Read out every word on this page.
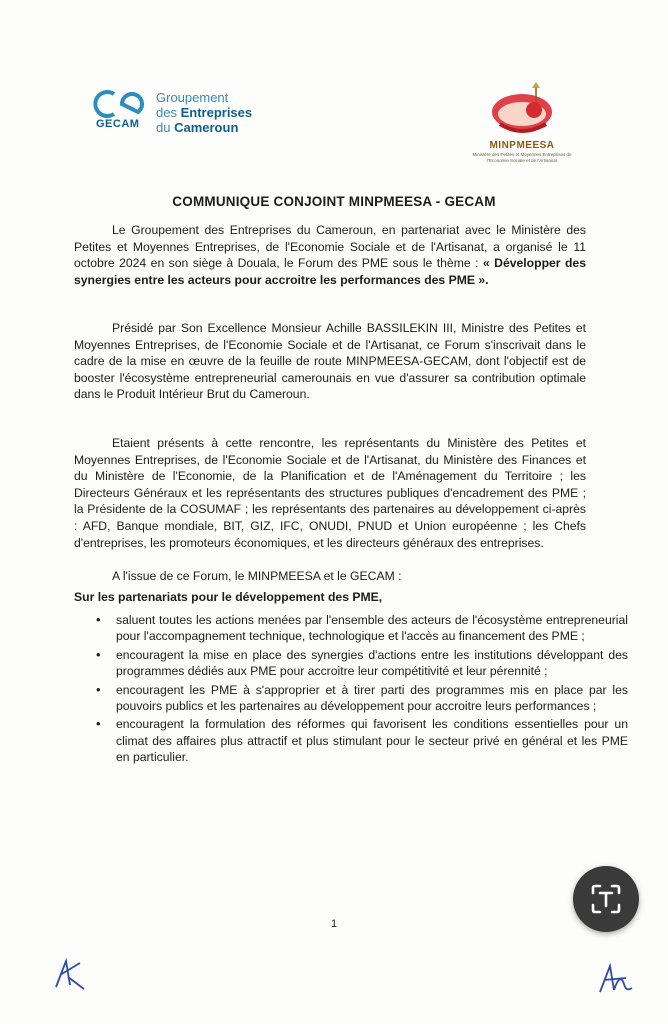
GECAM
Groupement
des Entreprises
du Cameroun
MINPMEESA
Ministère des Petites et Moyennes Entreprises de l'Economie Sociale et de l'Artisanat
COMMUNIQUE CONJOINT MINPMEESA - GECAM

Le Groupement des Entreprises du Cameroun, en partenariat avec le Ministère des Petites et Moyennes Entreprises, de l'Economie Sociale et de l'Artisanat, a organisé le 11 octobre 2024 en son siège à Douala, le Forum des PME sous le thème : « Développer des synergies entre les acteurs pour accroitre les performances des PME ».

Présidé par Son Excellence Monsieur Achille BASSILEKIN III, Ministre des Petites et Moyennes Entreprises, de l'Economie Sociale et de l'Artisanat, ce Forum s'inscrivait dans le cadre de la mise en œuvre de la feuille de route MINPMEESA-GECAM, dont l'objectif est de booster l'écosystème entrepreneurial camerounais en vue d'assurer sa contribution optimale dans le Produit Intérieur Brut du Cameroun.

Etaient présents à cette rencontre, les représentants du Ministère des Petites et Moyennes Entreprises, de l'Economie Sociale et de l'Artisanat, du Ministère des Finances et du Ministère de l'Economie, de la Planification et de l'Aménagement du Territoire ; les Directeurs Généraux et les représentants des structures publiques d'encadrement des PME ; la Présidente de la COSUMAF ; les représentants des partenaires au développement ci-après : AFD, Banque mondiale, BIT, GIZ, IFC, ONUDI, PNUD et Union européenne ; les Chefs d'entreprises, les promoteurs économiques, et les directeurs généraux des entreprises.

A l'issue de ce Forum, le MINPMEESA et le GECAM :

Sur les partenariats pour le développement des PME,
• saluent toutes les actions menées par l'ensemble des acteurs de l'écosystème entrepreneurial pour l'accompagnement technique, technologique et l'accès au financement des PME ;
• encouragent la mise en place des synergies d'actions entre les institutions développant des programmes dédiés aux PME pour accroitre leur compétitivité et leur pérennité ;
• encouragent les PME à s'approprier et à tirer parti des programmes mis en place par les pouvoirs publics et les partenaires au développement pour accroitre leurs performances ;
• encouragent la formulation des réformes qui favorisent les conditions essentielles pour un climat des affaires plus attractif et plus stimulant pour le secteur privé en général et les PME en particulier.
1
